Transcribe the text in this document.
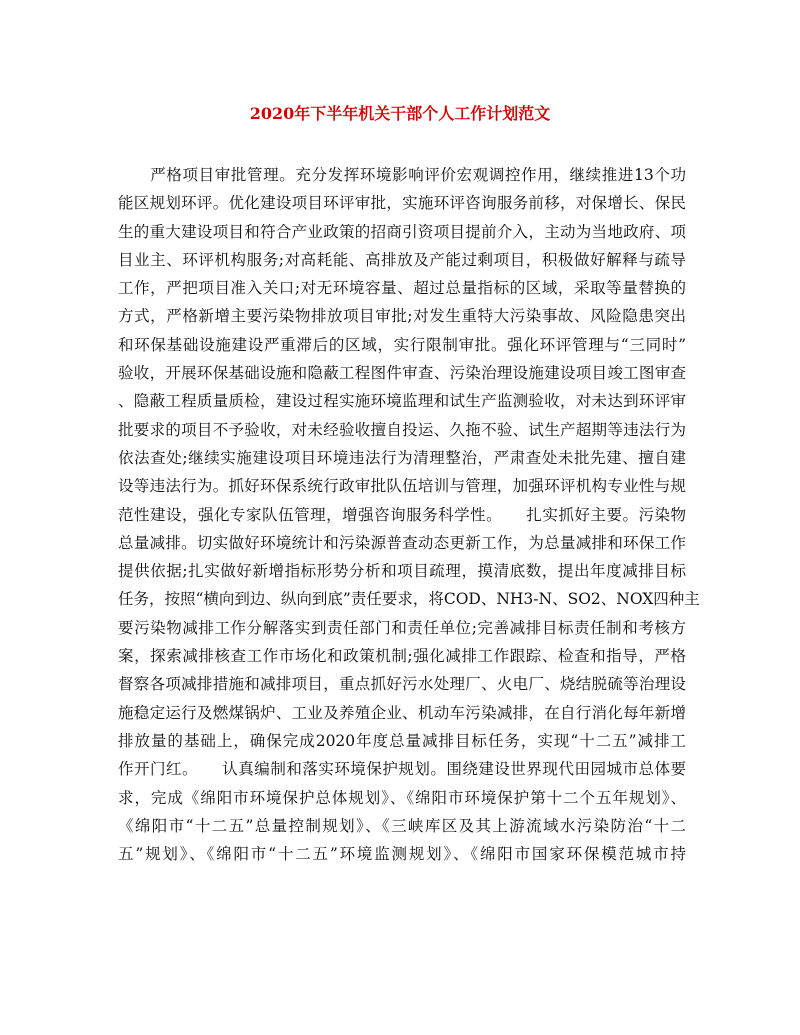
2020年下半年机关干部个人工作计划范文
　　严格项目审批管理。充分发挥环境影响评价宏观调控作用，继续推进13个功
能区规划环评。优化建设项目环评审批，实施环评咨询服务前移，对保增长、保民
生的重大建设项目和符合产业政策的招商引资项目提前介入，主动为当地政府、项
目业主、环评机构服务;对高耗能、高排放及产能过剩项目，积极做好解释与疏导
工作，严把项目准入关口;对无环境容量、超过总量指标的区域，采取等量替换的
方式，严格新增主要污染物排放项目审批;对发生重特大污染事故、风险隐患突出
和环保基础设施建设严重滞后的区域，实行限制审批。强化环评管理与“三同时”
验收，开展环保基础设施和隐蔽工程图件审查、污染治理设施建设项目竣工图审查
、隐蔽工程质量质检，建设过程实施环境监理和试生产监测验收，对未达到环评审
批要求的项目不予验收，对未经验收擅自投运、久拖不验、试生产超期等违法行为
依法查处;继续实施建设项目环境违法行为清理整治，严肃查处未批先建、擅自建
设等违法行为。抓好环保系统行政审批队伍培训与管理，加强环评机构专业性与规
范性建设，强化专家队伍管理，增强咨询服务科学性。　　扎实抓好主要。污染物
总量减排。切实做好环境统计和污染源普查动态更新工作，为总量减排和环保工作
提供依据;扎实做好新增指标形势分析和项目疏理，摸清底数，提出年度减排目标
任务，按照“横向到边、纵向到底”责任要求，将COD、NH3-N、SO2、NOX四种主
要污染物减排工作分解落实到责任部门和责任单位;完善减排目标责任制和考核方
案，探索减排核查工作市场化和政策机制;强化减排工作跟踪、检查和指导，严格
督察各项减排措施和减排项目，重点抓好污水处理厂、火电厂、烧结脱硫等治理设
施稳定运行及燃煤锅炉、工业及养殖企业、机动车污染减排，在自行消化每年新增
排放量的基础上，确保完成2020年度总量减排目标任务，实现“十二五”减排工
作开门红。　　认真编制和落实环境保护规划。围绕建设世界现代田园城市总体要
求，完成《绵阳市环境保护总体规划》、《绵阳市环境保护第十二个五年规划》、
《绵阳市“十二五”总量控制规划》、《三峡库区及其上游流域水污染防治“十二
五”规划》、《绵阳市“十二五”环境监测规划》、《绵阳市国家环保模范城市持
